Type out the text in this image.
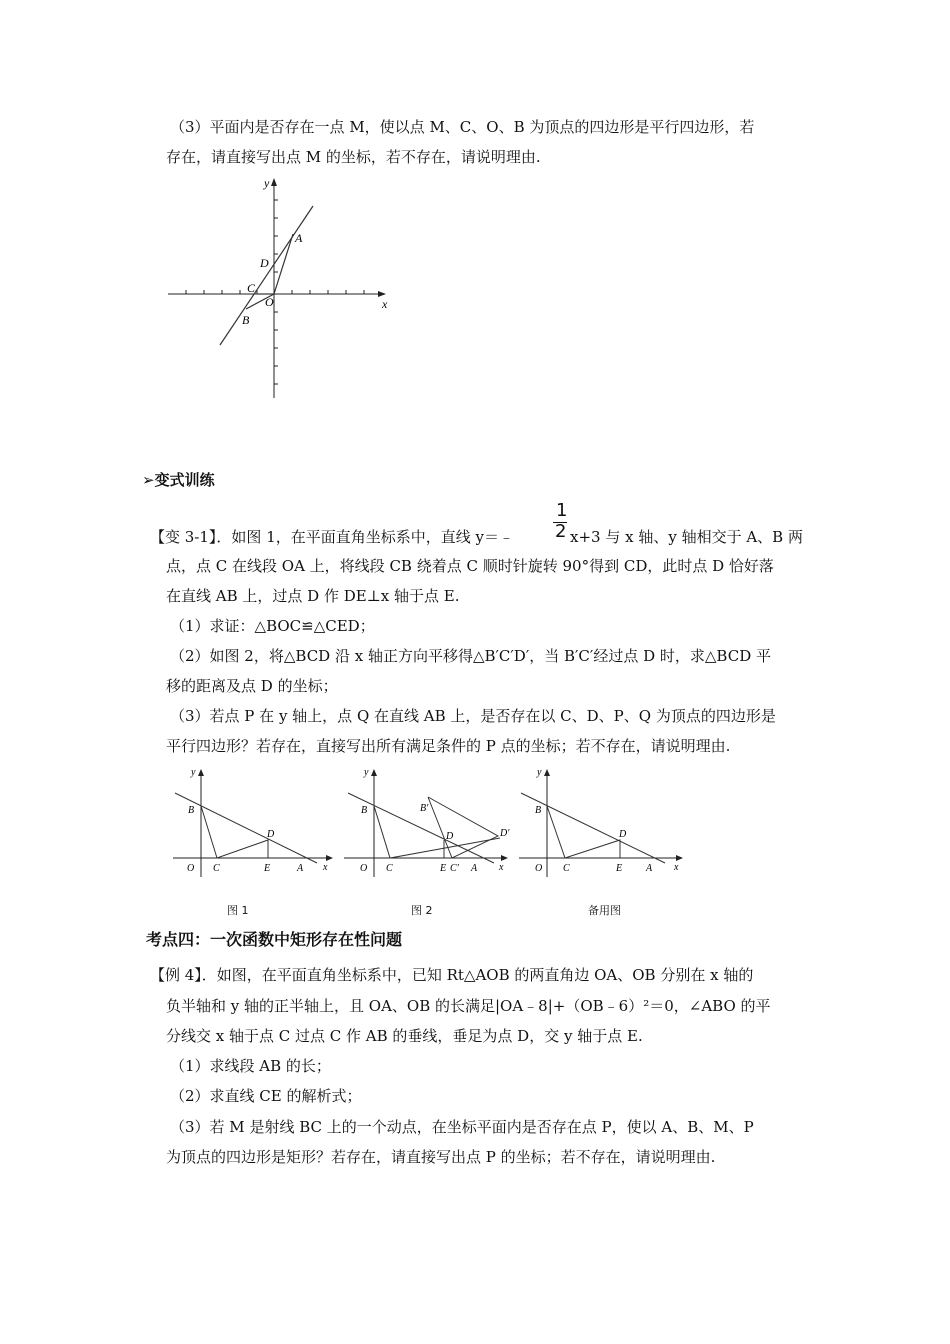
（3）平面内是否存在一点 M，使以点 M、C、O、B 为顶点的四边形是平行四边形，若
存在，请直接写出点 M 的坐标，若不存在，请说明理由.
y
x
A
D
C
O
B
➢变式训练
1
2
【变 3-1】．如图 1，在平面直角坐标系中，直线 y＝﹣	x+3 与 x 轴、y 轴相交于 A、B 两
点，点 C 在线段 OA 上，将线段 CB 绕着点 C 顺时针旋转 90°得到 CD，此时点 D 恰好落
在直线 AB 上，过点 D 作 DE⊥x 轴于点 E.
（1）求证：△BOC≌△CED；
（2）如图 2，将△BCD 沿 x 轴正方向平移得△B′C′D′，当 B′C′经过点 D 时，求△BCD 平
移的距离及点 D 的坐标；
（3）若点 P 在 y 轴上，点 Q 在直线 AB 上，是否存在以 C、D、P、Q 为顶点的四边形是
平行四边形？若存在，直接写出所有满足条件的 P 点的坐标；若不存在，请说明理由.
y
x
B
D
O C	E	A
y
x
B	B′
D	D′
O C	E C′ A
y
x
B
D
O C	E A
图 1	图 2	备用图
考点四：一次函数中矩形存在性问题
【例 4】．如图，在平面直角坐标系中，已知 Rt△AOB 的两直角边 OA、OB 分别在 x 轴的
负半轴和 y 轴的正半轴上，且 OA、OB 的长满足|OA﹣8|+（OB﹣6）²＝0，∠ABO 的平
分线交 x 轴于点 C 过点 C 作 AB 的垂线，垂足为点 D，交 y 轴于点 E.
（1）求线段 AB 的长；
（2）求直线 CE 的解析式；
（3）若 M 是射线 BC 上的一个动点，在坐标平面内是否存在点 P，使以 A、B、M、P
为顶点的四边形是矩形？若存在，请直接写出点 P 的坐标；若不存在，请说明理由.
